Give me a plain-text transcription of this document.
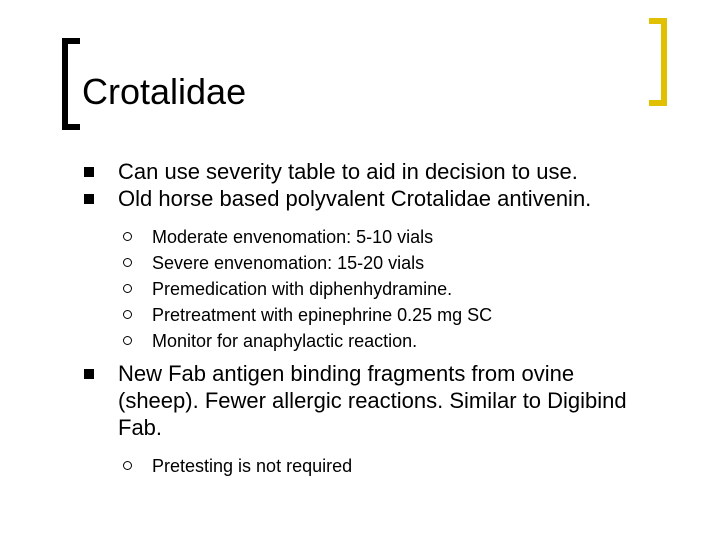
Crotalidae
Can use severity table to aid in decision to use.
Old horse based polyvalent Crotalidae antivenin.
Moderate envenomation: 5-10 vials
Severe envenomation: 15-20 vials
Premedication with diphenhydramine.
Pretreatment with epinephrine 0.25 mg SC
Monitor for anaphylactic reaction.
New Fab antigen binding fragments from ovine (sheep). Fewer allergic reactions. Similar to Digibind Fab.
Pretesting is not required
